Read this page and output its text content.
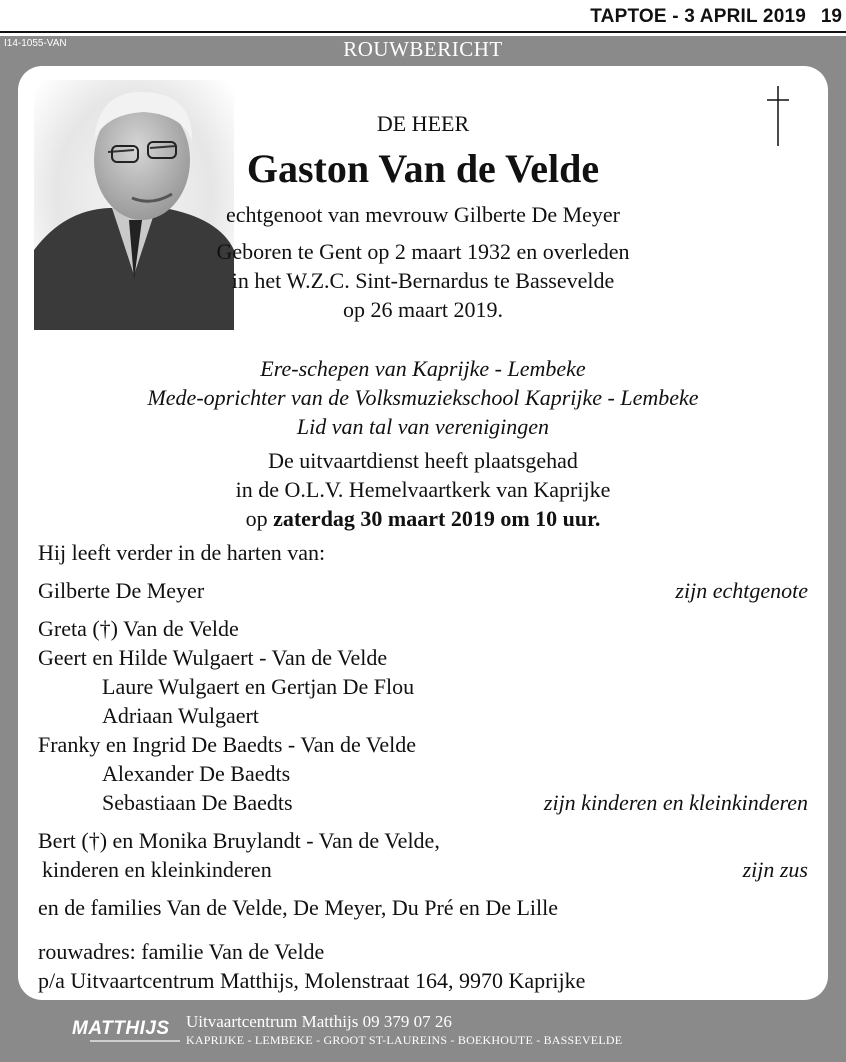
TAPTOE - 3 APRIL 2019 19
I14-1055-VAN	ROUWBERICHT
DE HEER
Gaston Van de Velde
echtgenoot van mevrouw Gilberte De Meyer
Geboren te Gent op 2 maart 1932 en overleden
in het W.Z.C. Sint-Bernardus te Bassevelde
op 26 maart 2019.
Ere-schepen van Kaprijke - Lembeke
Mede-oprichter van de Volksmuziekschool Kaprijke - Lembeke
Lid van tal van verenigingen
De uitvaartdienst heeft plaatsgehad
in de O.L.V. Hemelvaartkerk van Kaprijke
op zaterdag 30 maart 2019 om 10 uur.
Hij leeft verder in de harten van:
Gilberte De Meyer	zijn echtgenote
Greta (†) Van de Velde
Geert en Hilde Wulgaert - Van de Velde
Laure Wulgaert en Gertjan De Flou
Adriaan Wulgaert
Franky en Ingrid De Baedts - Van de Velde
Alexander De Baedts
Sebastiaan De Baedts	zijn kinderen en kleinkinderen
Bert (†) en Monika Bruylandt - Van de Velde,
kinderen en kleinkinderen	zijn zus
en de families Van de Velde, De Meyer, Du Pré en De Lille
rouwadres: familie Van de Velde
p/a Uitvaartcentrum Matthijs, Molenstraat 164, 9970 Kaprijke
MATTHIJS Uitvaartcentrum Matthijs 09 379 07 26
KAPRIJKE - LEMBEKE - GROOT ST-LAUREINS - BOEKHOUTE - BASSEVELDE
